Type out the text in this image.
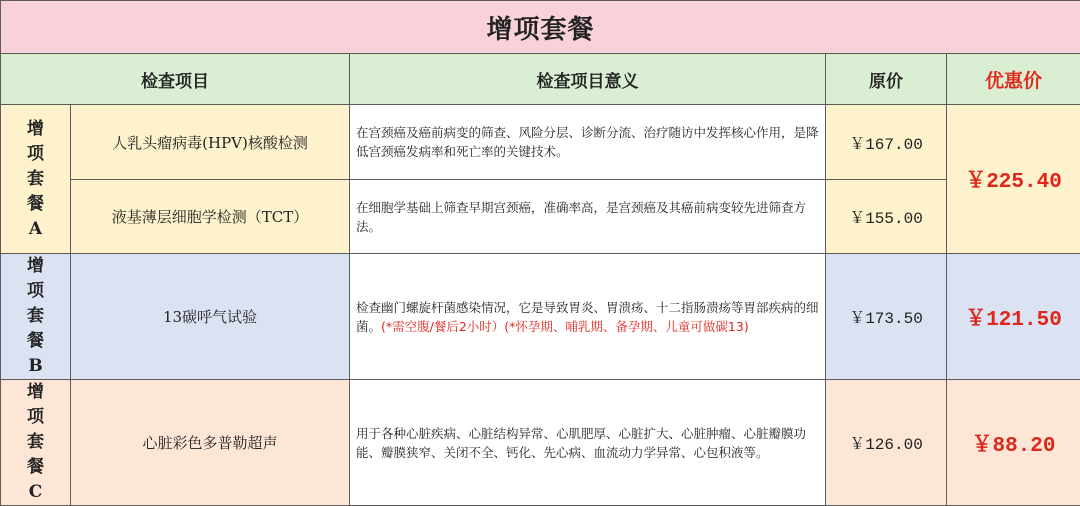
增项套餐				
检查项目		检查项目意义	原价	优惠价

增
项
套
餐
A	人乳头瘤病毒(HPV)核酸检测	在宫颈癌及癌前病变的筛查、风险分层、诊断分流、治疗随访中发挥核心作用，是降低宫颈癌发病率和死亡率的关键技术。	￥167.00	￥225.40
	液基薄层细胞学检测（TCT）	在细胞学基础上筛查早期宫颈癌，准确率高，是宫颈癌及其癌前病变较先进筛查方法。	￥155.00	

增
项
套
餐
B	13碳呼气试验	检查幽门螺旋杆菌感染情况，它是导致胃炎、胃溃疡、十二指肠溃疡等胃部疾病的细菌。(*需空腹/餐后2小时）(*怀孕期、哺乳期、备孕期、儿童可做碳13)	￥173.50	￥121.50

增
项
套
餐
C	心脏彩色多普勒超声	用于各种心脏疾病、心脏结构异常、心肌肥厚、心脏扩大、心脏肿瘤、心脏瓣膜功能、瓣膜狭窄、关闭不全、钙化、先心病、血流动力学异常、心包积液等。	￥126.00	￥88.20
